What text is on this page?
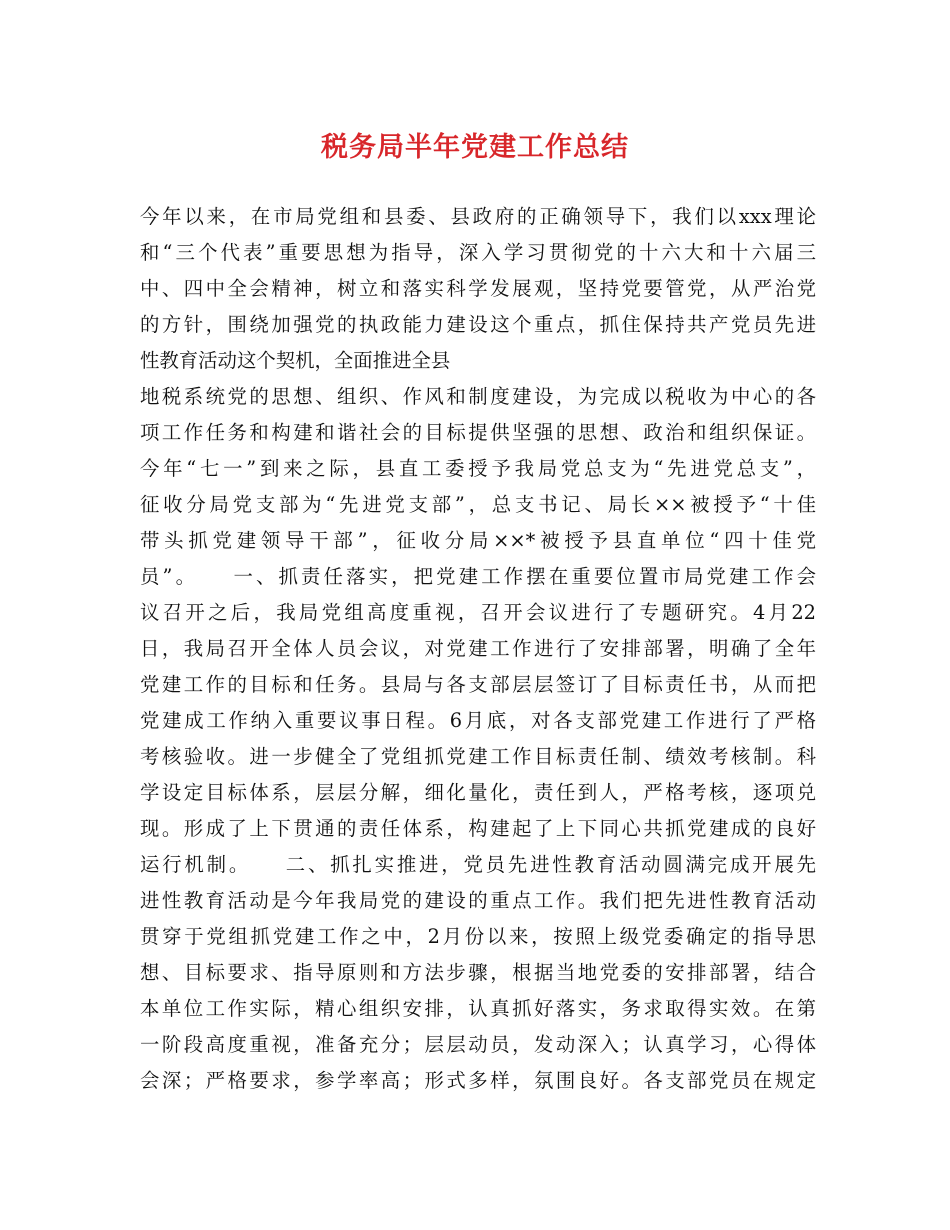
税务局半年党建工作总结
今年以来，在市局党组和县委、县政府的正确领导下，我们以xxx理论
和“三个代表”重要思想为指导，深入学习贯彻党的十六大和十六届三
中、四中全会精神，树立和落实科学发展观，坚持党要管党，从严治党
的方针，围绕加强党的执政能力建设这个重点，抓住保持共产党员先进
性教育活动这个契机，全面推进全县
地税系统党的思想、组织、作风和制度建设，为完成以税收为中心的各
项工作任务和构建和谐社会的目标提供坚强的思想、政治和组织保证。
今年“七一”到来之际，县直工委授予我局党总支为“先进党总支”，
征收分局党支部为“先进党支部”，总支书记、局长××被授予“十佳
带头抓党建领导干部”，征收分局××*被授予县直单位“四十佳党
员”。　　一、抓责任落实，把党建工作摆在重要位置市局党建工作会
议召开之后，我局党组高度重视，召开会议进行了专题研究。4月22
日，我局召开全体人员会议，对党建工作进行了安排部署，明确了全年
党建工作的目标和任务。县局与各支部层层签订了目标责任书，从而把
党建成工作纳入重要议事日程。6月底，对各支部党建工作进行了严格
考核验收。进一步健全了党组抓党建工作目标责任制、绩效考核制。科
学设定目标体系，层层分解，细化量化，责任到人，严格考核，逐项兑
现。形成了上下贯通的责任体系，构建起了上下同心共抓党建成的良好
运行机制。　　二、抓扎实推进，党员先进性教育活动圆满完成开展先
进性教育活动是今年我局党的建设的重点工作。我们把先进性教育活动
贯穿于党组抓党建工作之中，2月份以来，按照上级党委确定的指导思
想、目标要求、指导原则和方法步骤，根据当地党委的安排部署，结合
本单位工作实际，精心组织安排，认真抓好落实，务求取得实效。在第
一阶段高度重视，准备充分；层层动员，发动深入；认真学习，心得体
会深；严格要求，参学率高；形式多样，氛围良好。各支部党员在规定
